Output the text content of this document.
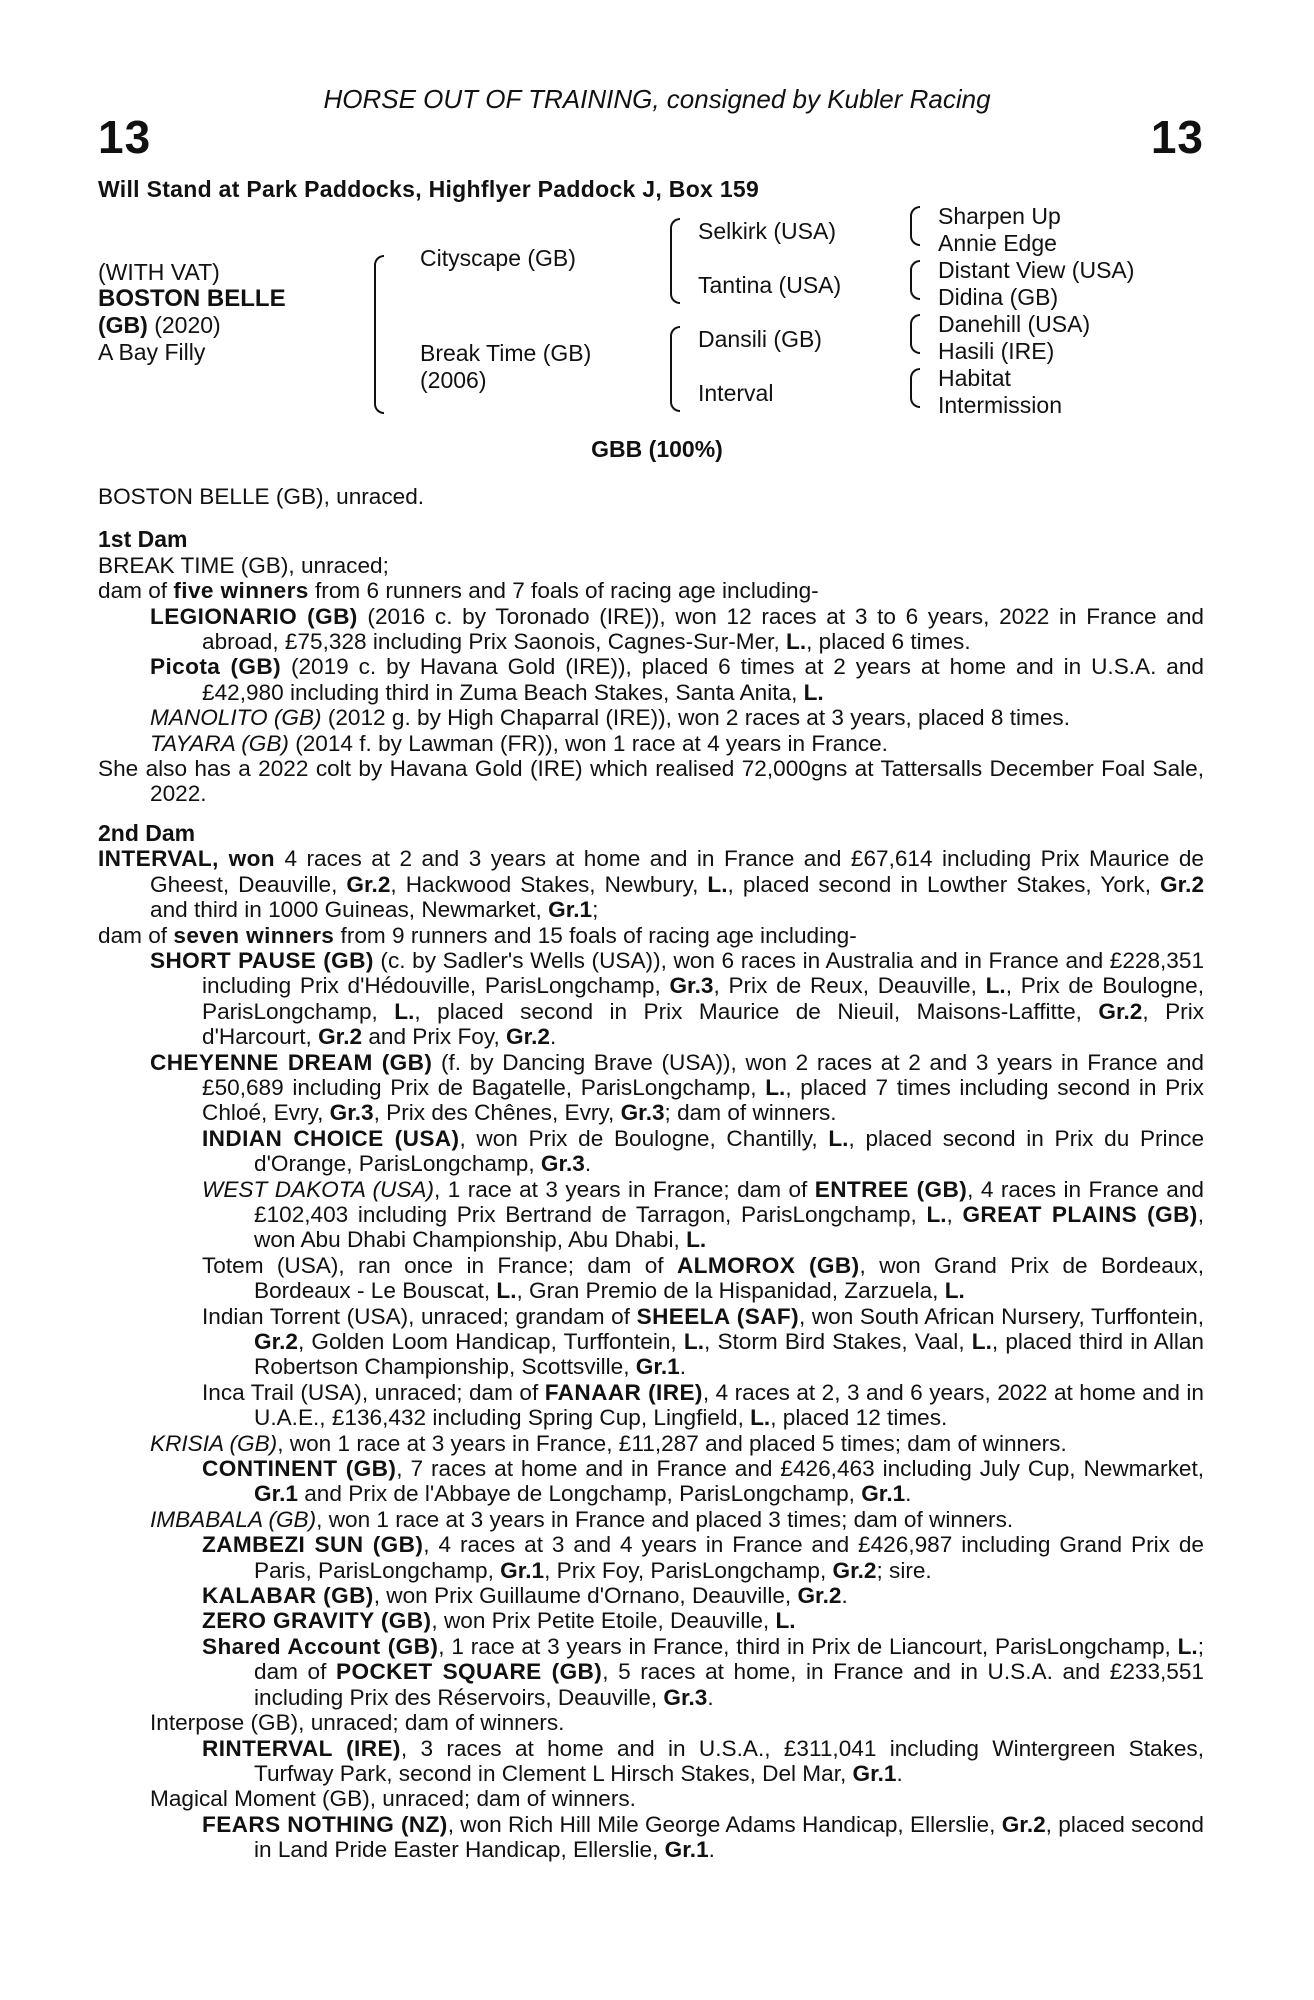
HORSE OUT OF TRAINING, consigned by Kubler Racing
13	13
Will Stand at Park Paddocks, Highflyer Paddock J, Box 159
(WITH VAT)
BOSTON BELLE
(GB) (2020)
A Bay Filly
Cityscape (GB)
Break Time (GB)
(2006)
Selkirk (USA)
Tantina (USA)
Dansili (GB)
Interval
Sharpen Up
Annie Edge
Distant View (USA)
Didina (GB)
Danehill (USA)
Hasili (IRE)
Habitat
Intermission
GBB (100%)

BOSTON BELLE (GB), unraced.

1st Dam

BREAK TIME (GB), unraced;

dam of five winners from 6 runners and 7 foals of racing age including-

LEGIONARIO (GB) (2016 c. by Toronado (IRE)), won 12 races at 3 to 6 years, 2022 in France and abroad, £75,328 including Prix Saonois, Cagnes-Sur-Mer, L., placed 6 times.

Picota (GB) (2019 c. by Havana Gold (IRE)), placed 6 times at 2 years at home and in U.S.A. and £42,980 including third in Zuma Beach Stakes, Santa Anita, L.

MANOLITO (GB) (2012 g. by High Chaparral (IRE)), won 2 races at 3 years, placed 8 times.

TAYARA (GB) (2014 f. by Lawman (FR)), won 1 race at 4 years in France.

She also has a 2022 colt by Havana Gold (IRE) which realised 72,000gns at Tattersalls December Foal Sale, 2022.

2nd Dam

INTERVAL, won 4 races at 2 and 3 years at home and in France and £67,614 including Prix Maurice de Gheest, Deauville, Gr.2, Hackwood Stakes, Newbury, L., placed second in Lowther Stakes, York, Gr.2 and third in 1000 Guineas, Newmarket, Gr.1;

dam of seven winners from 9 runners and 15 foals of racing age including-

SHORT PAUSE (GB) (c. by Sadler's Wells (USA)), won 6 races in Australia and in France and £228,351 including Prix d'Hédouville, ParisLongchamp, Gr.3, Prix de Reux, Deauville, L., Prix de Boulogne, ParisLongchamp, L., placed second in Prix Maurice de Nieuil, Maisons-Laffitte, Gr.2, Prix d'Harcourt, Gr.2 and Prix Foy, Gr.2.

CHEYENNE DREAM (GB) (f. by Dancing Brave (USA)), won 2 races at 2 and 3 years in France and £50,689 including Prix de Bagatelle, ParisLongchamp, L., placed 7 times including second in Prix Chloé, Evry, Gr.3, Prix des Chênes, Evry, Gr.3; dam of winners.

INDIAN CHOICE (USA), won Prix de Boulogne, Chantilly, L., placed second in Prix du Prince d'Orange, ParisLongchamp, Gr.3.

WEST DAKOTA (USA), 1 race at 3 years in France; dam of ENTREE (GB), 4 races in France and £102,403 including Prix Bertrand de Tarragon, ParisLongchamp, L., GREAT PLAINS (GB), won Abu Dhabi Championship, Abu Dhabi, L.

Totem (USA), ran once in France; dam of ALMOROX (GB), won Grand Prix de Bordeaux, Bordeaux - Le Bouscat, L., Gran Premio de la Hispanidad, Zarzuela, L.

Indian Torrent (USA), unraced; grandam of SHEELA (SAF), won South African Nursery, Turffontein, Gr.2, Golden Loom Handicap, Turffontein, L., Storm Bird Stakes, Vaal, L., placed third in Allan Robertson Championship, Scottsville, Gr.1.

Inca Trail (USA), unraced; dam of FANAAR (IRE), 4 races at 2, 3 and 6 years, 2022 at home and in U.A.E., £136,432 including Spring Cup, Lingfield, L., placed 12 times.

KRISIA (GB), won 1 race at 3 years in France, £11,287 and placed 5 times; dam of winners.

CONTINENT (GB), 7 races at home and in France and £426,463 including July Cup, Newmarket, Gr.1 and Prix de l'Abbaye de Longchamp, ParisLongchamp, Gr.1.

IMBABALA (GB), won 1 race at 3 years in France and placed 3 times; dam of winners.

ZAMBEZI SUN (GB), 4 races at 3 and 4 years in France and £426,987 including Grand Prix de Paris, ParisLongchamp, Gr.1, Prix Foy, ParisLongchamp, Gr.2; sire.

KALABAR (GB), won Prix Guillaume d'Ornano, Deauville, Gr.2.

ZERO GRAVITY (GB), won Prix Petite Etoile, Deauville, L.

Shared Account (GB), 1 race at 3 years in France, third in Prix de Liancourt, ParisLongchamp, L.; dam of POCKET SQUARE (GB), 5 races at home, in France and in U.S.A. and £233,551 including Prix des Réservoirs, Deauville, Gr.3.

Interpose (GB), unraced; dam of winners.

RINTERVAL (IRE), 3 races at home and in U.S.A., £311,041 including Wintergreen Stakes, Turfway Park, second in Clement L Hirsch Stakes, Del Mar, Gr.1.

Magical Moment (GB), unraced; dam of winners.

FEARS NOTHING (NZ), won Rich Hill Mile George Adams Handicap, Ellerslie, Gr.2, placed second in Land Pride Easter Handicap, Ellerslie, Gr.1.
